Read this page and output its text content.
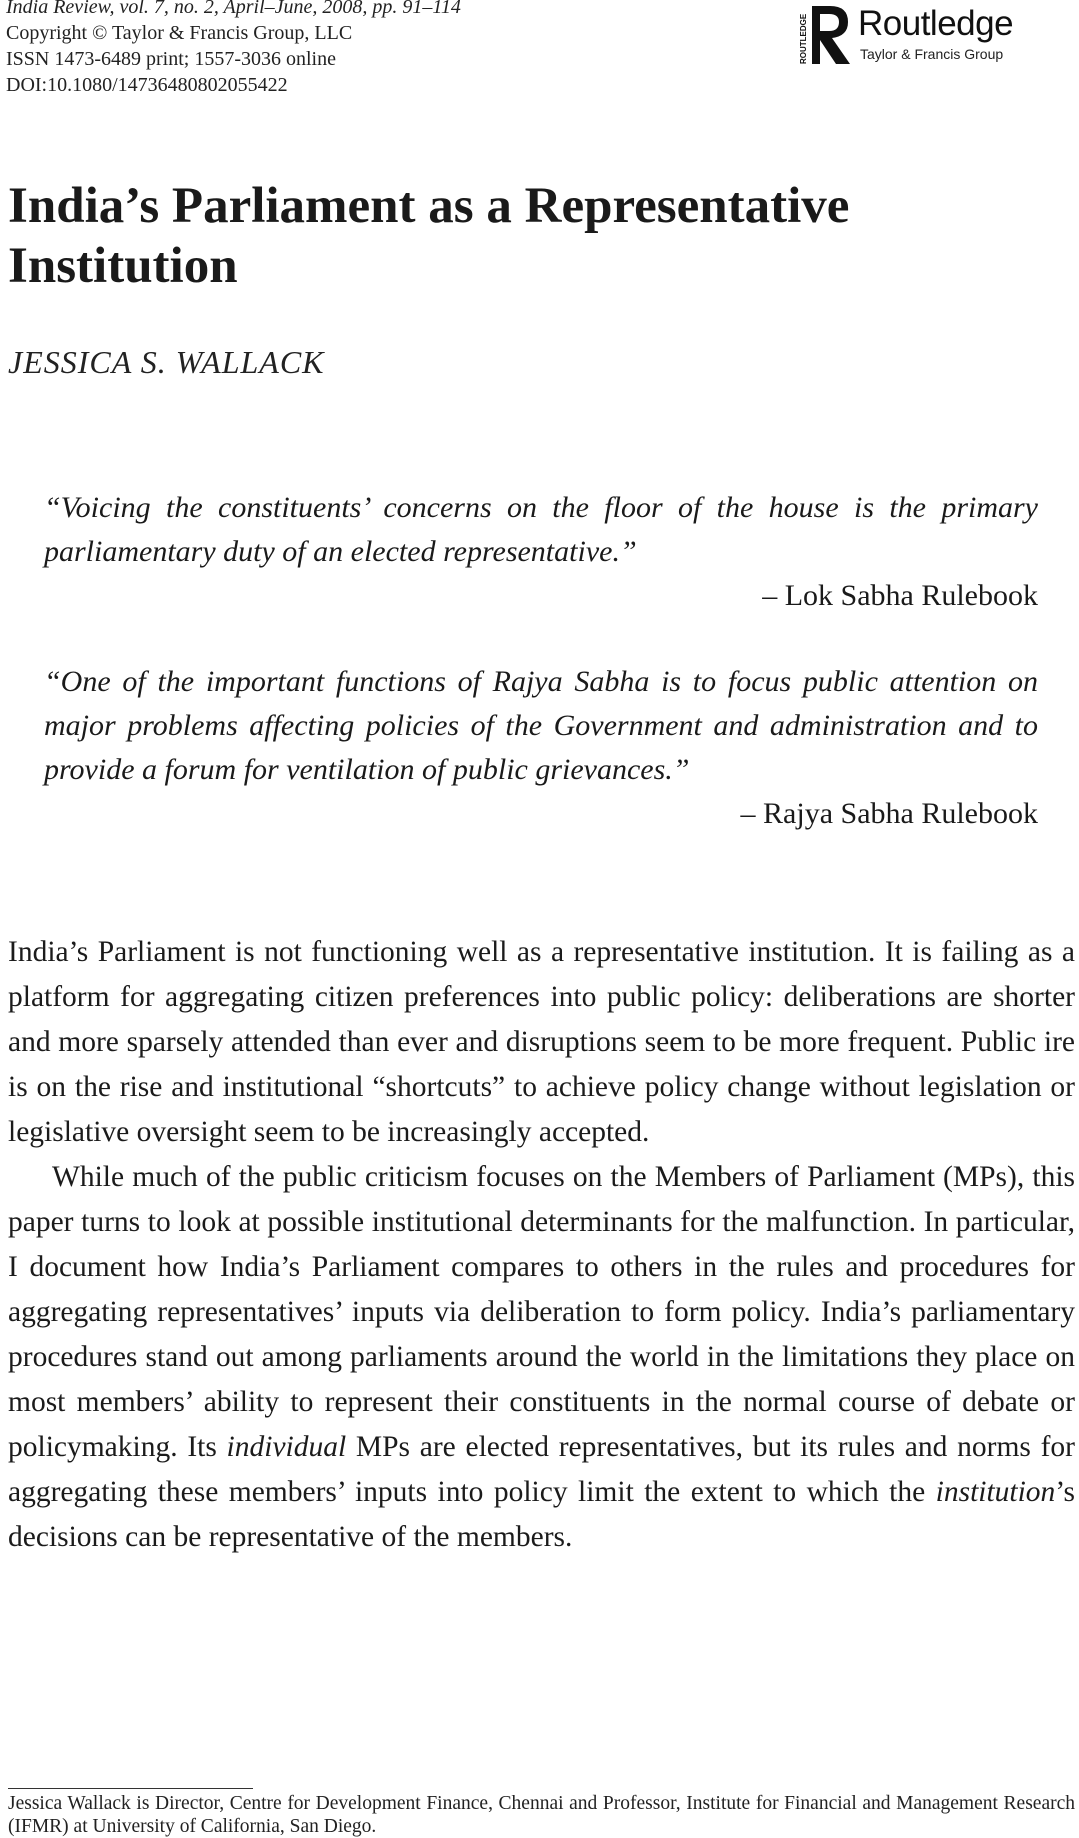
India Review, vol. 7, no. 2, April–June, 2008, pp. 91–114
Copyright © Taylor & Francis Group, LLC
ISSN 1473-6489 print; 1557-3036 online
DOI:10.1080/14736480802055422
ROUTLEDGE Routledge
Taylor & Francis Group
India’s Parliament as a Representative Institution
JESSICA S. WALLACK

“Voicing the constituents’ concerns on the floor of the house is the primary parliamentary duty of an elected representative.”

– Lok Sabha Rulebook

“One of the important functions of Rajya Sabha is to focus public attention on major problems affecting policies of the Government and administration and to provide a forum for ventilation of public grievances.”

– Rajya Sabha Rulebook

India’s Parliament is not functioning well as a representative institution. It is failing as a platform for aggregating citizen preferences into public policy: deliberations are shorter and more sparsely attended than ever and disruptions seem to be more frequent. Public ire is on the rise and institutional “shortcuts” to achieve policy change without legislation or legislative oversight seem to be increasingly accepted.

While much of the public criticism focuses on the Members of Parliament (MPs), this paper turns to look at possible institutional determinants for the malfunction. In particular, I document how India’s Parliament compares to others in the rules and procedures for aggregating representatives’ inputs via deliberation to form policy. India’s parliamentary procedures stand out among parliaments around the world in the limitations they place on most members’ ability to represent their constituents in the normal course of debate or policymaking. Its individual MPs are elected representatives, but its rules and norms for aggregating these members’ inputs into policy limit the extent to which the institution’s decisions can be representative of the members.

Jessica Wallack is Director, Centre for Development Finance, Chennai and Professor, Institute for Financial and Management Research (IFMR) at University of California, San Diego.
